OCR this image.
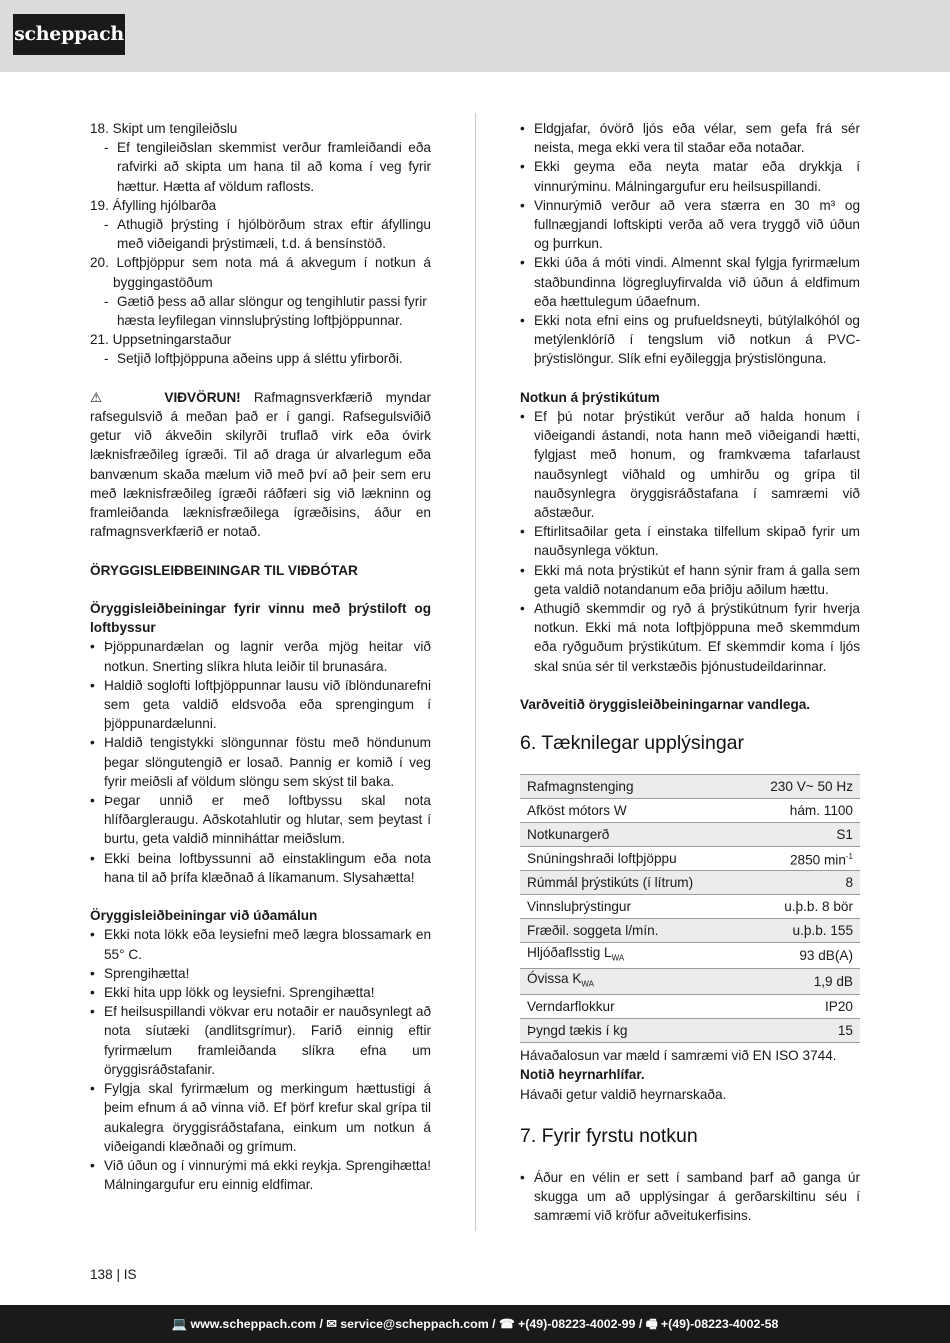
scheppach
18. Skipt um tengileiðslu
- Ef tengileiðslan skemmist verður framleiðandi eða rafvirki að skipta um hana til að koma í veg fyrir hættur. Hætta af völdum raflosts.
19. Áfylling hjólbarða
- Athugið þrýsting í hjólbörðum strax eftir áfyllingu með viðeigandi þrýstimæli, t.d. á bensínstöð.
20. Loftþjöppur sem nota má á akvegum í notkun á byggingastöðum
- Gætið þess að allar slöngur og tengihlutir passi fyrir hæsta leyfilegan vinnsluþrýsting loftþjöppunnar.
21. Uppsetningarstaður
- Setjið loftþjöppuna aðeins upp á sléttu yfirborði.
⚠	VIÐVÖRUN! Rafmagnsverkfærið myndar rafsegulsvið á meðan það er í gangi. Rafsegulsviðið getur við ákveðin skilyrði truflað virk eða óvirk læknisfræðileg ígræði. Til að draga úr alvarlegum eða banvænum skaða mælum við með því að þeir sem eru með læknisfræðileg ígræði ráðfæri sig við lækninn og framleiðanda læknisfræðilega ígræðisins, áður en rafmagnsverkfærið er notað.
ÖRYGGISLEIÐBEININGAR TIL VIÐBÓTAR
Öryggisleiðbeiningar fyrir vinnu með þrýstiloft og loftbyssur
• Þjöppunardælan og lagnir verða mjög heitar við notkun. Snerting slíkra hluta leiðir til brunasára.
• Haldið soglofti loftþjöppunnar lausu við íblöndunarefni sem geta valdið eldsvoða eða sprengingum í þjöppunardælunni.
• Haldið tengistykki slöngunnar föstu með höndunum þegar slöngutengið er losað. Þannig er komið í veg fyrir meiðsli af völdum slöngu sem skýst til baka.
• Þegar unnið er með loftbyssu skal nota hlífðargleraugu. Aðskotahlutir og hlutar, sem þeytast í burtu, geta valdið minniháttar meiðslum.
• Ekki beina loftbyssunni að einstaklingum eða nota hana til að þrífa klæðnað á líkamanum. Slysahætta!
Öryggisleiðbeiningar við úðamálun
• Ekki nota lökk eða leysiefni með lægra blossamark en 55° C.
• Sprengihætta!
• Ekki hita upp lökk og leysiefni. Sprengihætta!
• Ef heilsuspillandi vökvar eru notaðir er nauðsynlegt að nota síutæki (andlitsgrímur). Farið einnig eftir fyrirmælum framleiðanda slíkra efna um öryggisráðstafanir.
• Fylgja skal fyrirmælum og merkingum hættustigi á þeim efnum á að vinna við. Ef þörf krefur skal grípa til aukalegra öryggisráðstafana, einkum um notkun á viðeigandi klæðnaði og grímum.
• Við úðun og í vinnurými má ekki reykja. Sprengihætta! Málningargufur eru einnig eldfimar.
• Eldgjafar, óvörð ljós eða vélar, sem gefa frá sér neista, mega ekki vera til staðar eða notaðar.
• Ekki geyma eða neyta matar eða drykkja í vinnurýminu. Málningargufur eru heilsuspillandi.
• Vinnurýmið verður að vera stærra en 30 m³ og fullnægjandi loftskipti verða að vera tryggð við úðun og þurrkun.
• Ekki úða á móti vindi. Almennt skal fylgja fyrirmælum staðbundinna lögregluyfirvalda við úðun á eldfimum eða hættulegum úðaefnum.
• Ekki nota efni eins og prufueldsneyti, bútýlalkóhól og metýlenklóríð í tengslum við notkun á PVC-þrýstislöngur. Slík efni eyðileggja þrýstislönguna.
Notkun á þrýstikútum
• Ef þú notar þrýstikút verður að halda honum í viðeigandi ástandi, nota hann með viðeigandi hætti, fylgjast með honum, og framkvæma tafarlaust nauðsynlegt viðhald og umhirðu og grípa til nauðsynlegra öryggisráðstafana í samræmi við aðstæður.
• Eftirlitsaðilar geta í einstaka tilfellum skipað fyrir um nauðsynlega vöktun.
• Ekki má nota þrýstikút ef hann sýnir fram á galla sem geta valdið notandanum eða þriðju aðilum hættu.
• Athugið skemmdir og ryð á þrýstikútnum fyrir hverja notkun. Ekki má nota loftþjöppuna með skemmdum eða ryðguðum þrýstikútum. Ef skemmdir koma í ljós skal snúa sér til verkstæðis þjónustudeildarinnar.
Varðveitið öryggisleiðbeiningarnar vandlega.
6. Tæknilegar upplýsingar
Rafmagnstenging	230 V~ 50 Hz
Afköst mótors W	hám. 1100
Notkunargerð	S1
Snúningshraði loftþjöppu	2850 $\min^{-1}$
Rúmmál þrýstikúts (í lítrum)	8
Vinnsluþrýstingur	u.þ.b. 8 bör
Fræðil. soggeta l/mín.	u.þ.b. 155
Hljóðaflsstig $L_{WA}$	93 dB(A)
Óvissa $K_{WA}$	1,9 dB
Verndarflokkur	IP20
Þyngd tækis í kg	15
Hávaðalosun var mæld í samræmi við EN ISO 3744.
Notið heyrnarhlífar.
Hávaði getur valdið heyrnarskaða.
7. Fyrir fyrstu notkun
• Áður en vélin er sett í samband þarf að ganga úr skugga um að upplýsingar á gerðarskiltinu séu í samræmi við kröfur aðveitukerfisins.
138 | IS
💻 www.scheppach.com / ✉ service@scheppach.com / ☎ +(49)-08223-4002-99 / 🖷 +(49)-08223-4002-58
